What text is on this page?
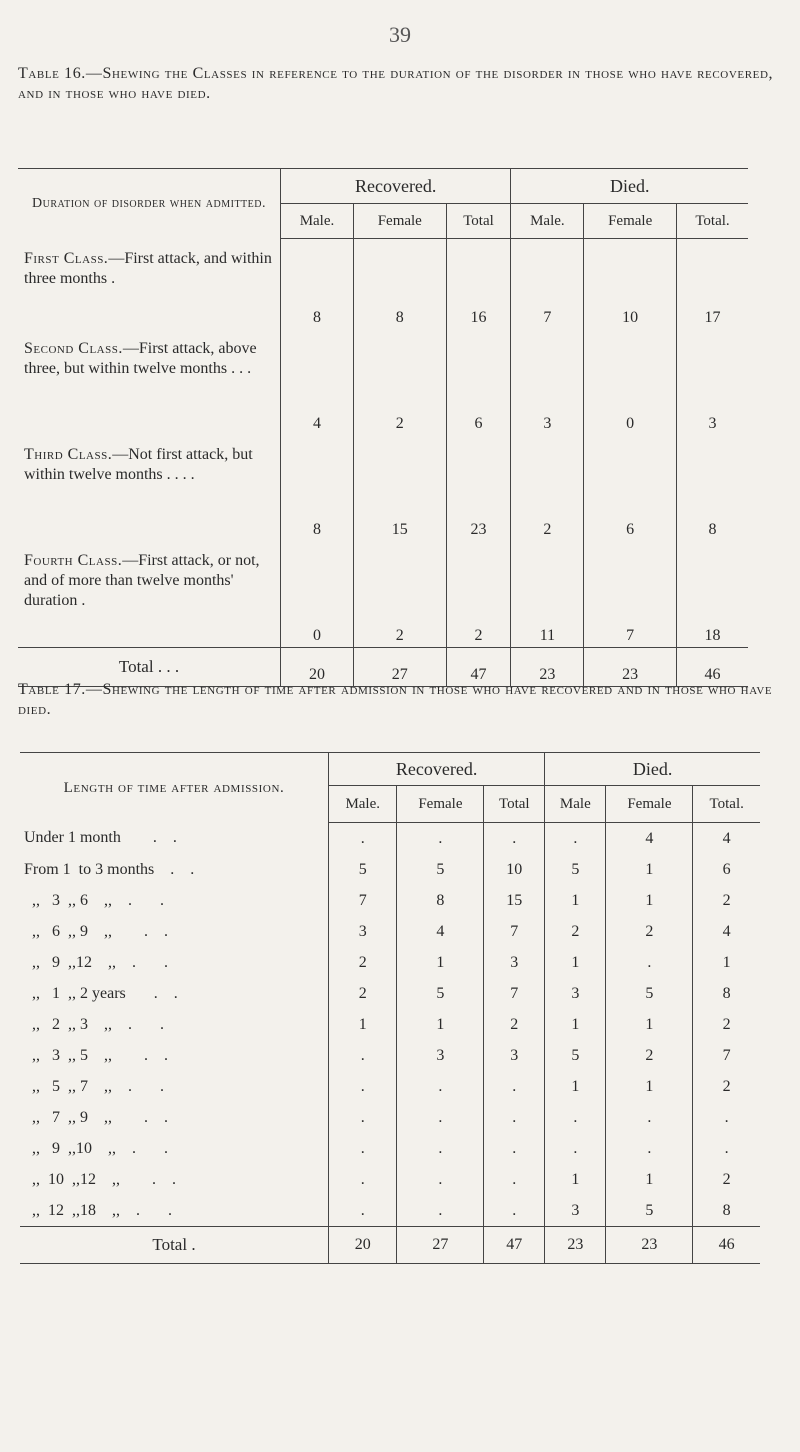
39
Table 16.—Shewing the Classes in reference to the duration of the disorder in those who have recovered, and in those who have died.
Duration of disorder when admitted.	Recovered.			Died.		
	Male.	Female	Total	Male.	Female	Total.
First Class.—First attack, and within three months .	8	8	16	7	10	17
Second Class.—First attack, above three, but within twelve months . . .	4	2	6	3	0	3
Third Class.—Not first attack, but within twelve months . . . .	8	15	23	2	6	8
Fourth Class.—First attack, or not, and of more than twelve months' duration .	0	2	2	11	7	18
Total . . .	20	27	47	23	23	46
Table 17.—Shewing the length of time after admission in those who have recovered and in those who have died.
Length of time after admission.	Recovered.			Died.		
	Male.	Female	Total	Male	Female	Total.
Under 1 month        .    .	.	.	.	.	4	4
From 1  to 3 months    .    .	5	5	10	5	1	6
,,   3  ,, 6    ,,    .       .	7	8	15	1	1	2
,,   6  ,, 9    ,,        .    .	3	4	7	2	2	4
,,   9  ,,12    ,,    .       .	2	1	3	1	.	1
,,   1  ,, 2 years       .    .	2	5	7	3	5	8
,,   2  ,, 3    ,,    .       .	1	1	2	1	1	2
,,   3  ,, 5    ,,        .    .	.	3	3	5	2	7
,,   5  ,, 7    ,,    .       .	.	.	.	1	1	2
,,   7  ,, 9    ,,        .    .	.	.	.	.	.	.
,,   9  ,,10    ,,    .       .	.	.	.	.	.	.
,,  10  ,,12    ,,        .    .	.	.	.	1	1	2
,,  12  ,,18    ,,    .       .	.	.	.	3	5	8
Total .	20	27	47	23	23	46
